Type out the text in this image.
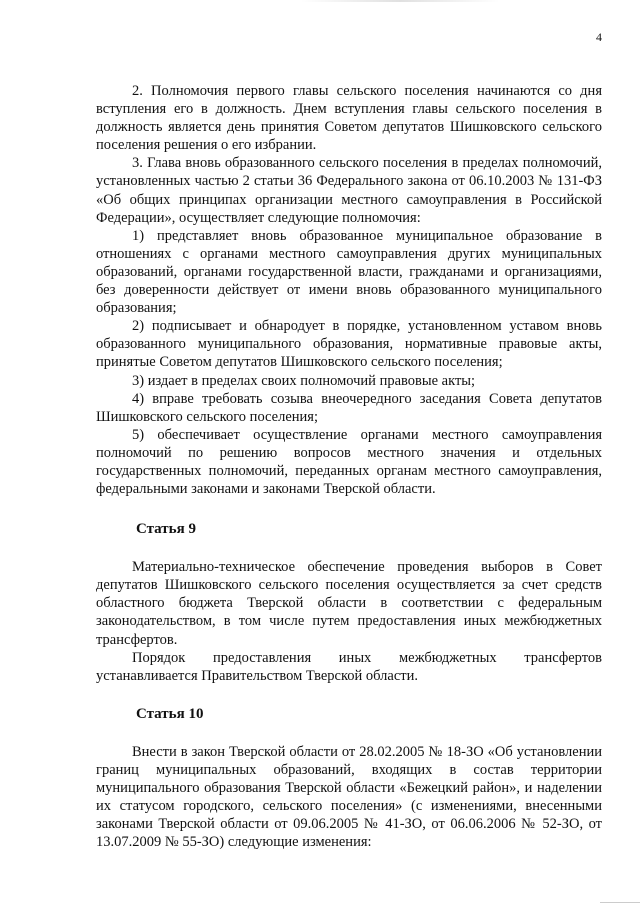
4

2. Полномочия первого главы сельского поселения начинаются со дня вступления его в должность. Днем вступления главы сельского поселения в должность является день принятия Советом депутатов Шишковского сельского поселения решения о его избрании.

3. Глава вновь образованного сельского поселения в пределах полномочий, установленных частью 2 статьи 36 Федерального закона от 06.10.2003 № 131-ФЗ «Об общих принципах организации местного самоуправления в Российской Федерации», осуществляет следующие полномочия:

1) представляет вновь образованное муниципальное образование в отношениях с органами местного самоуправления других муниципальных образований, органами государственной власти, гражданами и организациями, без доверенности действует от имени вновь образованного муниципального образования;

2) подписывает и обнародует в порядке, установленном уставом вновь образованного муниципального образования, нормативные правовые акты, принятые Советом депутатов Шишковского сельского поселения;

3) издает в пределах своих полномочий правовые акты;

4) вправе требовать созыва внеочередного заседания Совета депутатов Шишковского сельского поселения;

5) обеспечивает осуществление органами местного самоуправления полномочий по решению вопросов местного значения и отдельных государственных полномочий, переданных органам местного самоуправления, федеральными законами и законами Тверской области.

Статья 9

Материально-техническое обеспечение проведения выборов в Совет депутатов Шишковского сельского поселения осуществляется за счет средств областного бюджета Тверской области в соответствии с федеральным законодательством, в том числе путем предоставления иных межбюджетных трансфертов.

Порядок предоставления иных межбюджетных трансфертов устанавливается Правительством Тверской области.

Статья 10

Внести в закон Тверской области от 28.02.2005 № 18-ЗО «Об установлении границ муниципальных образований, входящих в состав территории муниципального образования Тверской области «Бежецкий район», и наделении их статусом городского, сельского поселения» (с изменениями, внесенными законами Тверской области от 09.06.2005 № 41-ЗО, от 06.06.2006 № 52-ЗО, от 13.07.2009 № 55-ЗО) следующие изменения:
